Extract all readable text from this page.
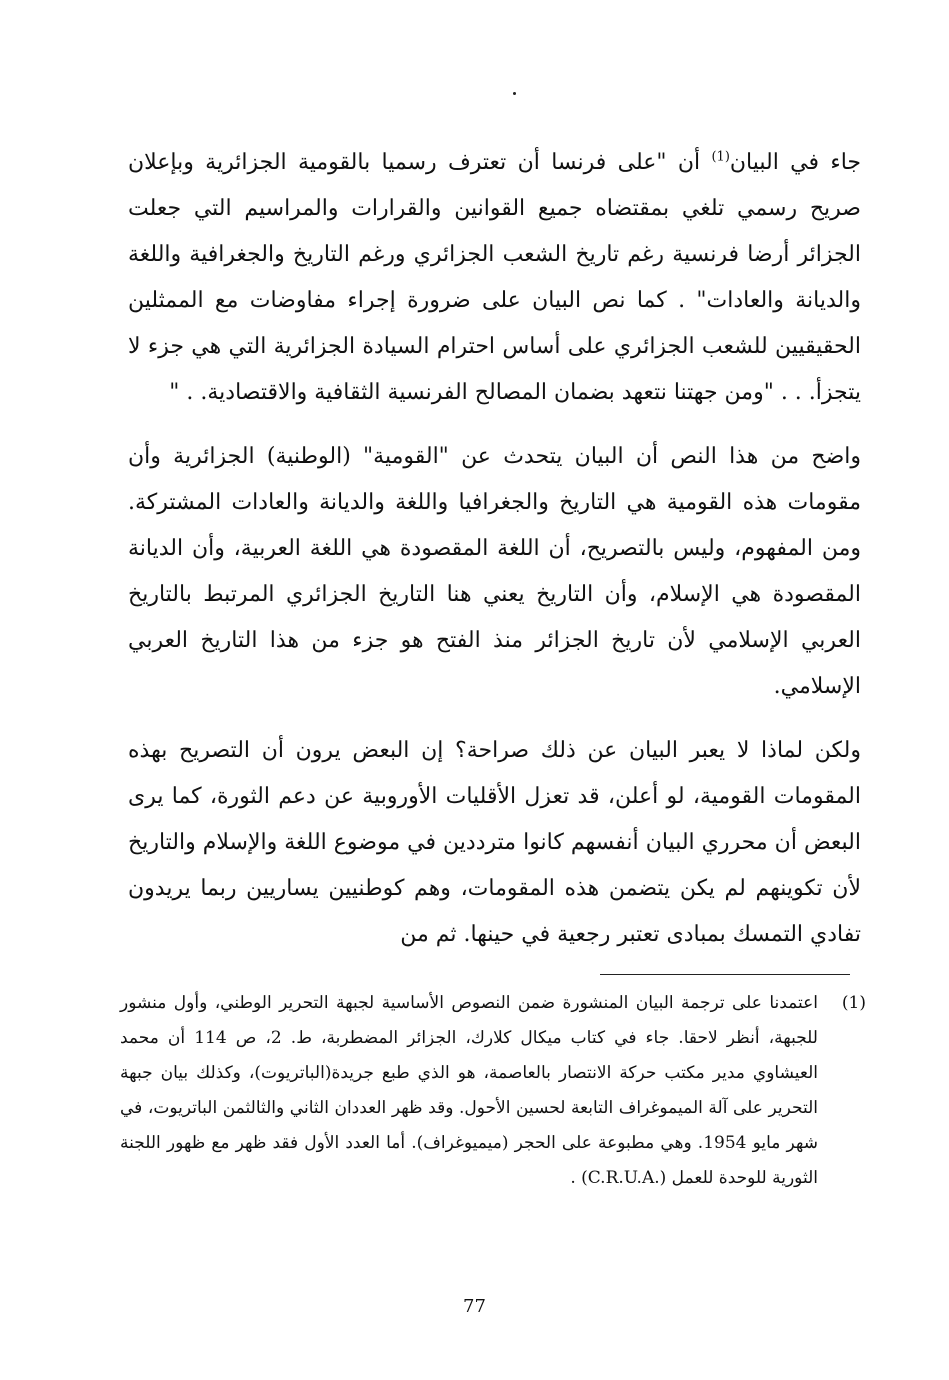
جاء في البيان$^{(1)}$ أن "على فرنسا أن تعترف رسميا بالقومية الجزائرية وبإعلان صريح رسمي تلغي بمقتضاه جميع القوانين والقرارات والمراسيم التي جعلت الجزائر أرضا فرنسية رغم تاريخ الشعب الجزائري ورغم التاريخ والجغرافية واللغة والديانة والعادات" . كما نص البيان على ضرورة إجراء مفاوضات مع الممثلين الحقيقيين للشعب الجزائري على أساس احترام السيادة الجزائرية التي هي جزء لا يتجزأ. . . "ومن جهتنا نتعهد بضمان المصالح الفرنسية الثقافية والاقتصادية. . "

واضح من هذا النص أن البيان يتحدث عن "القومية" (الوطنية) الجزائرية وأن مقومات هذه القومية هي التاريخ والجغرافيا واللغة والديانة والعادات المشتركة. ومن المفهوم، وليس بالتصريح، أن اللغة المقصودة هي اللغة العربية، وأن الديانة المقصودة هي الإسلام، وأن التاريخ يعني هنا التاريخ الجزائري المرتبط بالتاريخ العربي الإسلامي لأن تاريخ الجزائر منذ الفتح هو جزء من هذا التاريخ العربي الإسلامي.

ولكن لماذا لا يعبر البيان عن ذلك صراحة؟ إن البعض يرون أن التصريح بهذه المقومات القومية، لو أعلن، قد تعزل الأقليات الأوروبية عن دعم الثورة، كما يرى البعض أن محرري البيان أنفسهم كانوا مترددين في موضوع اللغة والإسلام والتاريخ لأن تكوينهم لم يكن يتضمن هذه المقومات، وهم كوطنيين يساريين ربما يريدون تفادي التمسك بمبادى تعتبر رجعية في حينها. ثم من

(1)
اعتمدنا على ترجمة البيان المنشورة ضمن النصوص الأساسية لجبهة التحرير الوطني، وأول منشور للجبهة، أنظر لاحقا. جاء في كتاب ميكال كلارك، الجزائر المضطربة، ط. 2، ص 114 أن محمد العيشاوي مدير مكتب حركة الانتصار بالعاصمة، هو الذي طبع جريدة(الباتريوت)، وكذلك بيان جبهة التحرير على آلة الميموغراف التابعة لحسين الأحول. وقد ظهر العددان الثاني والثالثمن الباتريوت، في شهر مايو 1954. وهي مطبوعة على الحجر (ميميوغراف). أما العدد الأول فقد ظهر مع ظهور اللجنة الثورية للوحدة للعمل (.C.R.U.A) .
77
